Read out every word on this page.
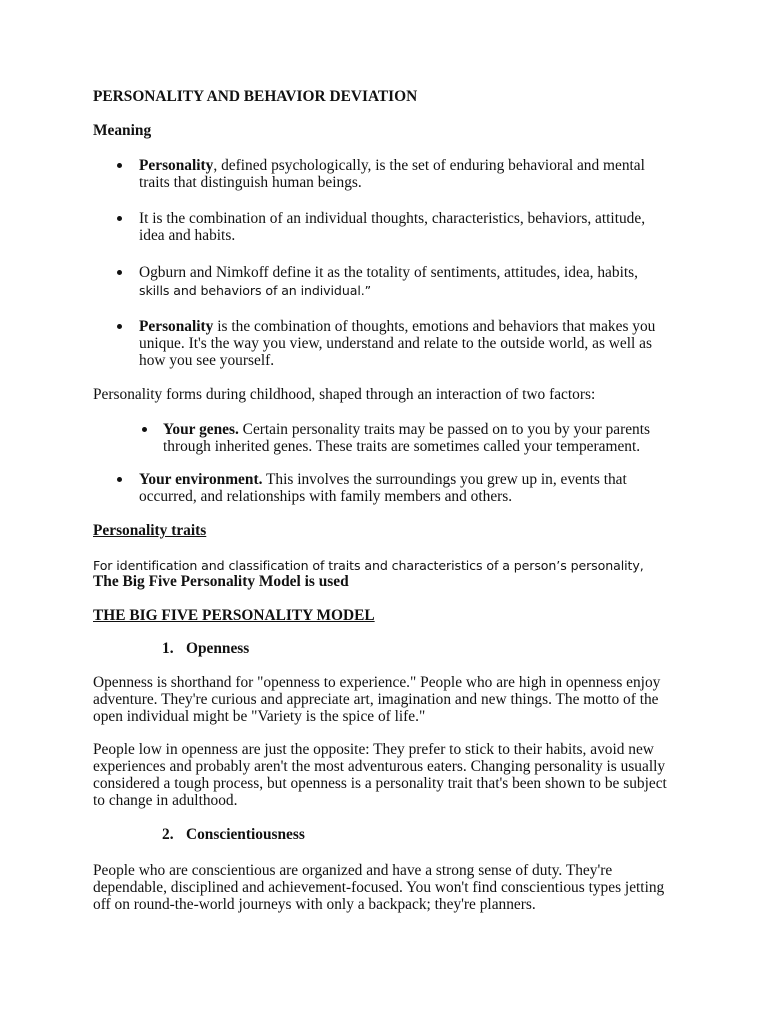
PERSONALITY AND BEHAVIOR DEVIATION

Meaning

Personality, defined psychologically, is the set of enduring behavioral and mental traits that distinguish human beings.

It is the combination of an individual thoughts, characteristics, behaviors, attitude, idea and habits.

Ogburn and Nimkoff define it as the totality of sentiments, attitudes, idea, habits,

skills and behaviors of an individual.”

Personality is the combination of thoughts, emotions and behaviors that makes you unique. It's the way you view, understand and relate to the outside world, as well as how you see yourself.

Personality forms during childhood, shaped through an interaction of two factors:

Your genes. Certain personality traits may be passed on to you by your parents through inherited genes. These traits are sometimes called your temperament.

Your environment. This involves the surroundings you grew up in, events that occurred, and relationships with family members and others.

Personality traits

For identification and classification of traits and characteristics of a person’s personality,

The Big Five Personality Model is used

THE BIG FIVE PERSONALITY MODEL

1. Openness

Openness is shorthand for "openness to experience." People who are high in openness enjoy adventure. They're curious and appreciate art, imagination and new things. The motto of the open individual might be "Variety is the spice of life."

People low in openness are just the opposite: They prefer to stick to their habits, avoid new experiences and probably aren't the most adventurous eaters. Changing personality is usually considered a tough process, but openness is a personality trait that's been shown to be subject to change in adulthood.

2. Conscientiousness

People who are conscientious are organized and have a strong sense of duty. They're dependable, disciplined and achievement-focused. You won't find conscientious types jetting off on round-the-world journeys with only a backpack; they're planners.
